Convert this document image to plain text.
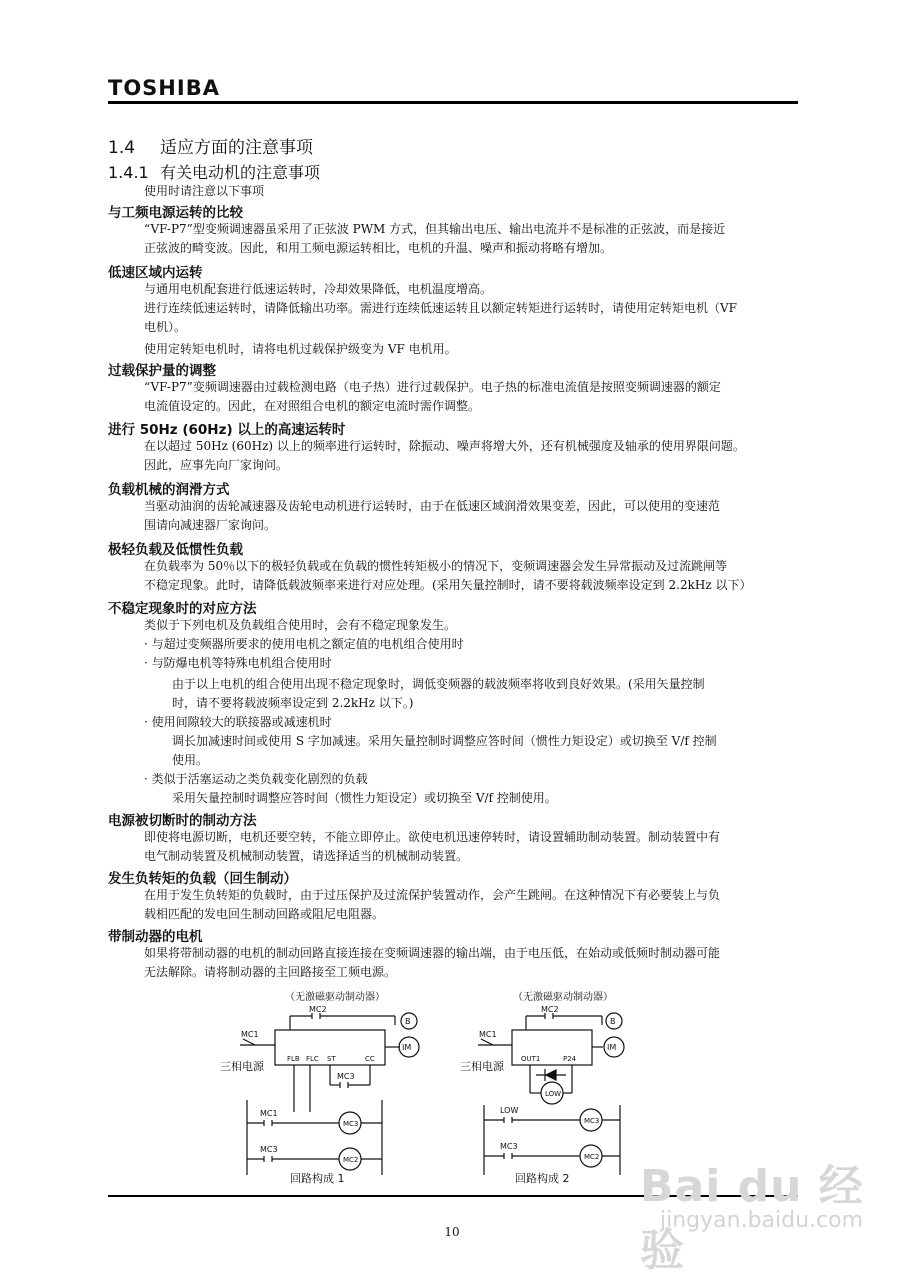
TOSHIBA
1.4 适应方面的注意事项
1.4.1 有关电动机的注意事项
使用时请注意以下事项
与工频电源运转的比较
“VF-P7”型变频调速器虽采用了正弦波 PWM 方式，但其输出电压、输出电流并不是标准的正弦波，而是接近
正弦波的畸变波。因此，和用工频电源运转相比，电机的升温、噪声和振动将略有增加。
低速区域内运转
与通用电机配套进行低速运转时，冷却效果降低，电机温度增高。
进行连续低速运转时，请降低输出功率。需进行连续低速运转且以额定转矩进行运转时，请使用定转矩电机（VF
电机）。
使用定转矩电机时，请将电机过载保护级变为 VF 电机用。
过载保护量的调整
“VF-P7”变频调速器由过载检测电路（电子热）进行过载保护。电子热的标准电流值是按照变频调速器的额定
电流值设定的。因此，在对照组合电机的额定电流时需作调整。
进行 50Hz (60Hz) 以上的高速运转时
在以超过 50Hz (60Hz) 以上的频率进行运转时，除振动、噪声将增大外，还有机械强度及轴承的使用界限问题。
因此，应事先向厂家询问。
负载机械的润滑方式
当驱动油润的齿轮减速器及齿轮电动机进行运转时，由于在低速区域润滑效果变差，因此，可以使用的变速范
围请向减速器厂家询问。
极轻负载及低惯性负载
在负载率为 50％以下的极轻负载或在负载的惯性转矩极小的情况下，变频调速器会发生异常振动及过流跳闸等
不稳定现象。此时，请降低载波频率来进行对应处理。(采用矢量控制时，请不要将载波频率设定到 2.2kHz 以下）
不稳定现象时的对应方法
类似于下列电机及负载组合使用时，会有不稳定现象发生。
· 与超过变频器所要求的使用电机之额定值的电机组合使用时
· 与防爆电机等特殊电机组合使用时
由于以上电机的组合使用出现不稳定现象时，调低变频器的载波频率将收到良好效果。(采用矢量控制
时，请不要将载波频率设定到 2.2kHz 以下。)
· 使用间隙较大的联接器或减速机时
调长加减速时间或使用 S 字加减速。采用矢量控制时调整应答时间（惯性力矩设定）或切换至 V/f 控制
使用。
· 类似于活塞运动之类负载变化剧烈的负载
采用矢量控制时调整应答时间（惯性力矩设定）或切换至 V/f 控制使用。
电源被切断时的制动方法
即使将电源切断，电机还要空转，不能立即停止。欲使电机迅速停转时，请设置辅助制动装置。制动装置中有
电气制动装置及机械制动装置，请选择适当的机械制动装置。
发生负转矩的负载（回生制动）
在用于发生负转矩的负载时，由于过压保护及过流保护装置动作，会产生跳闸。在这种情况下有必要装上与负
载相匹配的发电回生制动回路或阻尼电阻器。
带制动器的电机
如果将带制动器的电机的制动回路直接连接在变频调速器的输出端，由于电压低，在始动或低频时制动器可能
无法解除。请将制动器的主回路接至工频电源。
（无激磁驱动制动器）
MC2
MC1
三相电源
B
IM
FLB FLC ST	CC
MC3
MC1
MC3
MC3
MC2
回路构成 1
（无激磁驱动制动器）
MC2
MC1
三相电源
B
IM
OUT1	P24
LOW
LOW
MC3
MC3
MC2
回路构成 2
10
Bai du 经验
jingyan.baidu.com
